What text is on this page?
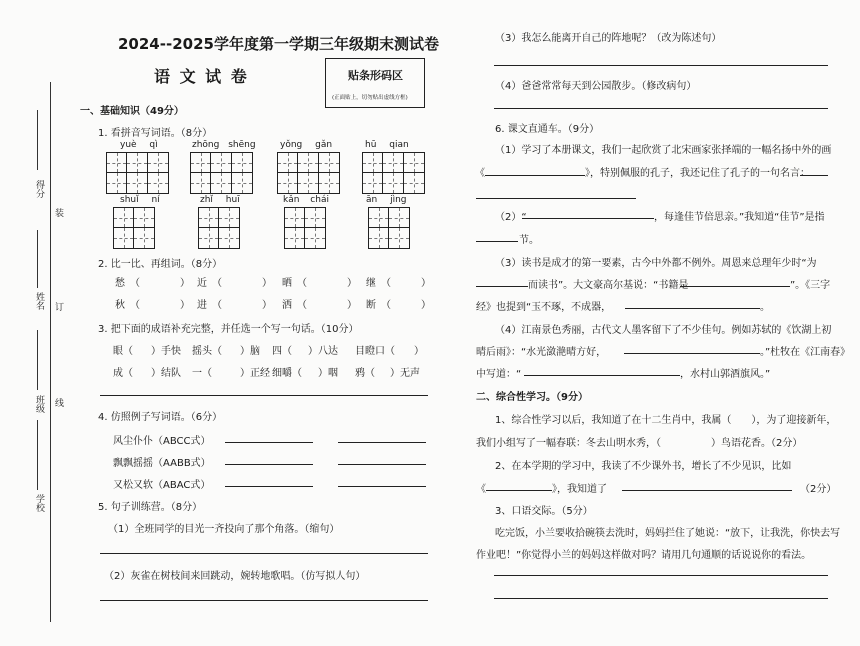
得分
姓名
班级
学校
装
订
线
2024--2025学年度第一学期三年级期末测试卷
语 文 试 卷	贴条形码区
(正面贴上，切勿贴出虚线方框)
一、基础知识（49分）
1. 看拼音写词语。（8分）
yuè qì	zhōng shēng	yǒng gǎn	hū qian
shuǐ ní	zhǐ huī	kǎn chái	ān jìng
2. 比一比、再组词。（8分）
愁 （　　　　） 近 （　　　　） 晒 （　　　　） 继 （　　　）
秋 （　　　　） 进 （　　　　） 洒 （　　　　） 断 （　　　）
3. 把下面的成语补充完整，并任选一个写一句话。（10分）
眼（ ）手快 摇头（ ）脑 四（ ）八达 目瞪口（ ）
成（ ）结队 一（	）正经 细嚼（ ）咽 鸦（ ）无声
4. 仿照例子写词语。（6分）
风尘仆仆（ABCC式）
飘飘摇摇（AABB式）
又松又软（ABAC式）
5. 句子训练营。（8分）
（1）全班同学的目光一齐投向了那个角落。（缩句）
（2）灰雀在树枝间来回跳动，婉转地歌唱。（仿写拟人句）
（3）我怎么能离开自己的阵地呢？（改为陈述句）
（4）爸爸常常每天到公园散步。（修改病句）
6. 课文直通车。（9分）
（1）学习了本册课文，我们一起欣赏了北宋画家张择端的一幅名扬中外的画
《	》，特别佩服的孔子，我还记住了孔子的一句名言：
（2）“	，每逢佳节倍思亲。”我知道“佳节”是指
节。
（3）读书是成才的第一要素，古今中外都不例外。周恩来总理年少时“为
而读书”。大文豪高尔基说：“书籍是	”。《三字
经》也提到“玉不琢，不成器，	。
（4）江南景色秀丽，古代文人墨客留下了不少佳句。例如苏轼的《饮湖上初
晴后雨》：“水光潋滟晴方好，	。”杜牧在《江南春》
中写道：“	，水村山郭酒旗风。”
二、综合性学习。（9分）
1、综合性学习以后，我知道了在十二生肖中，我属（　　），为了迎接新年，
我们小组写了一幅春联：冬去山明水秀，（　　　　　）鸟语花香。（2分）
2、在本学期的学习中，我读了不少课外书，增长了不少见识，比如
《	》，我知道了	（2分）
3、口语交际。（5分）
吃完饭，小兰要收拾碗筷去洗时，妈妈拦住了她说：“放下，让我洗，你快去写
作业吧！”你觉得小兰的妈妈这样做对吗？请用几句通顺的话说说你的看法。
